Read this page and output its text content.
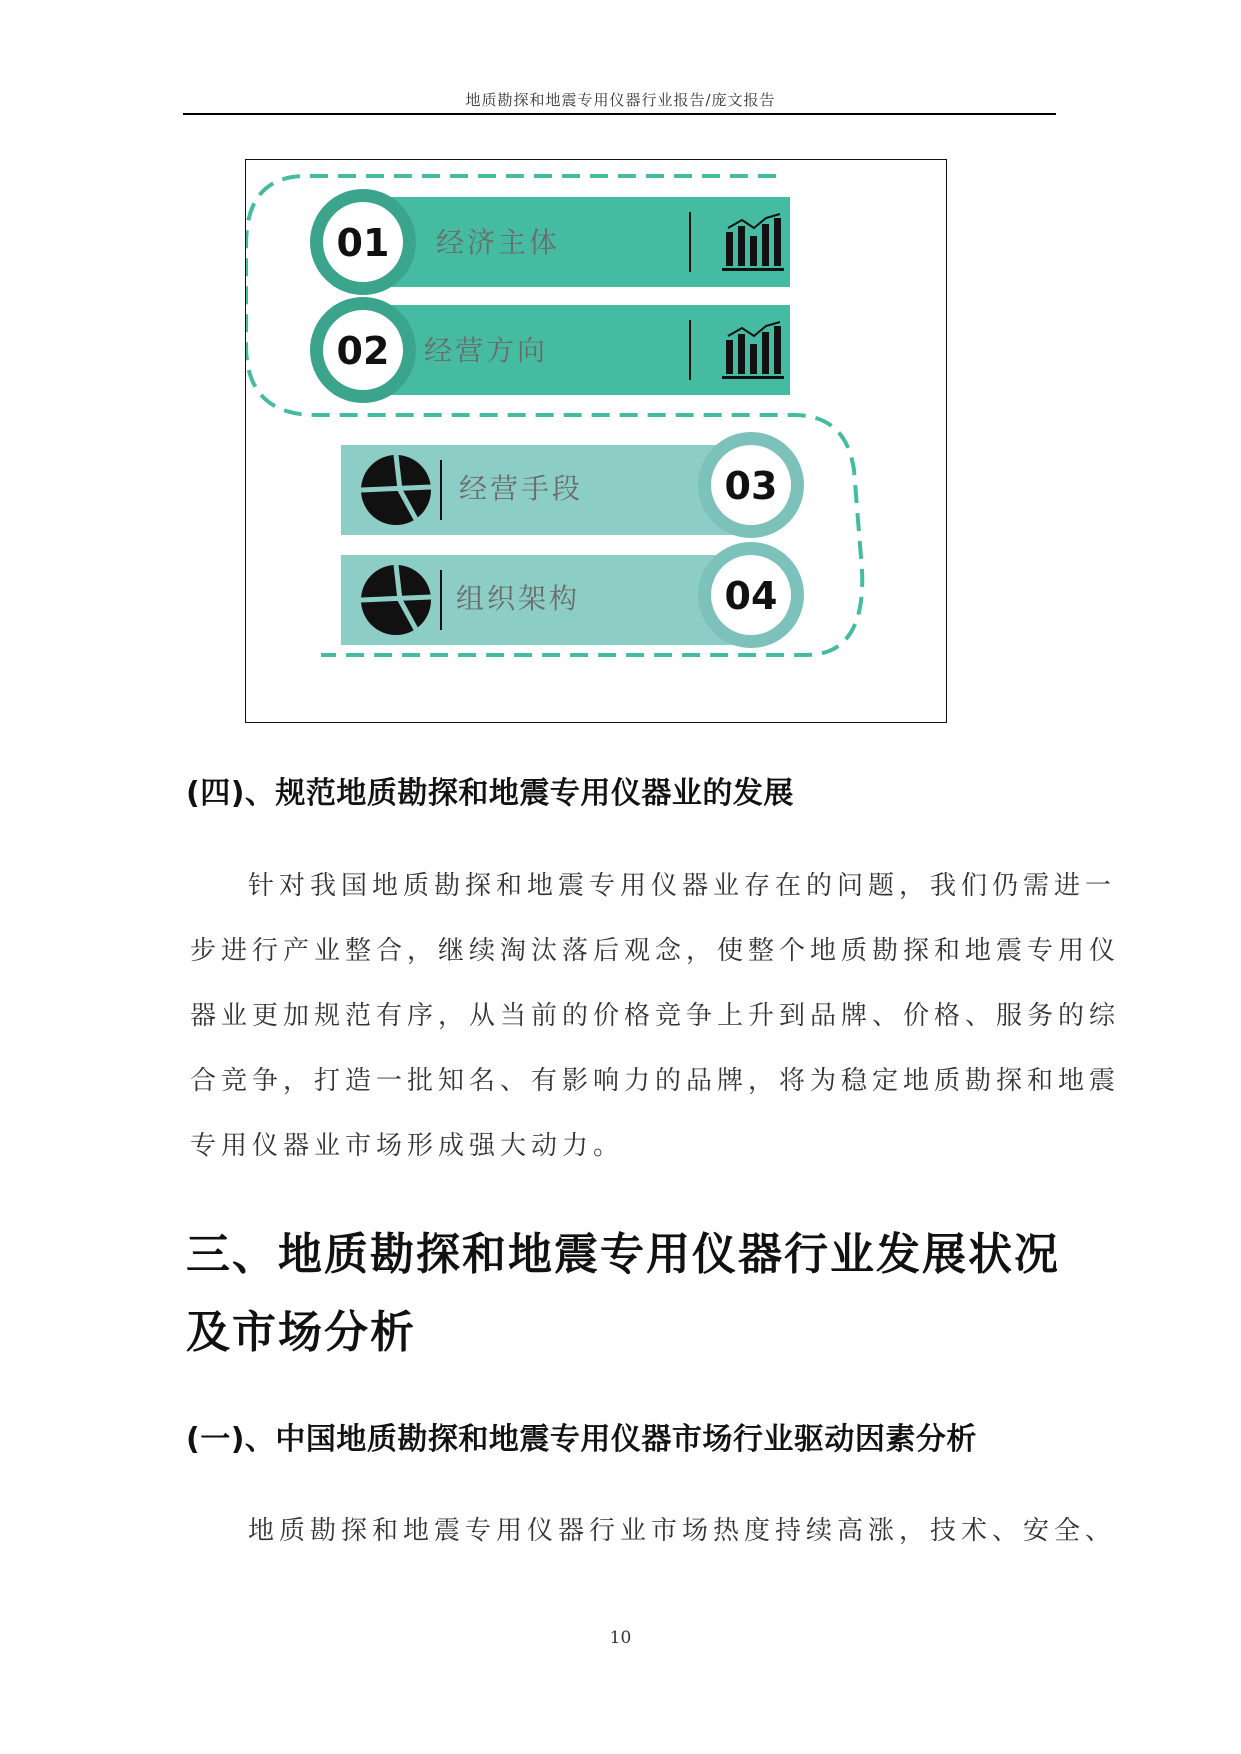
地质勘探和地震专用仪器行业报告/庞文报告
01 经济主体
02 经营方向
03
经营手段
04
组织架构
(四)、规范地质勘探和地震专用仪器业的发展
针对我国地质勘探和地震专用仪器业存在的问题，我们仍需进一
步进行产业整合，继续淘汰落后观念，使整个地质勘探和地震专用仪
器业更加规范有序，从当前的价格竞争上升到品牌、价格、服务的综
合竞争，打造一批知名、有影响力的品牌，将为稳定地质勘探和地震
专用仪器业市场形成强大动力。
三、地质勘探和地震专用仪器行业发展状况
及市场分析
(一)、中国地质勘探和地震专用仪器市场行业驱动因素分析
地质勘探和地震专用仪器行业市场热度持续高涨，技术、安全、
10
